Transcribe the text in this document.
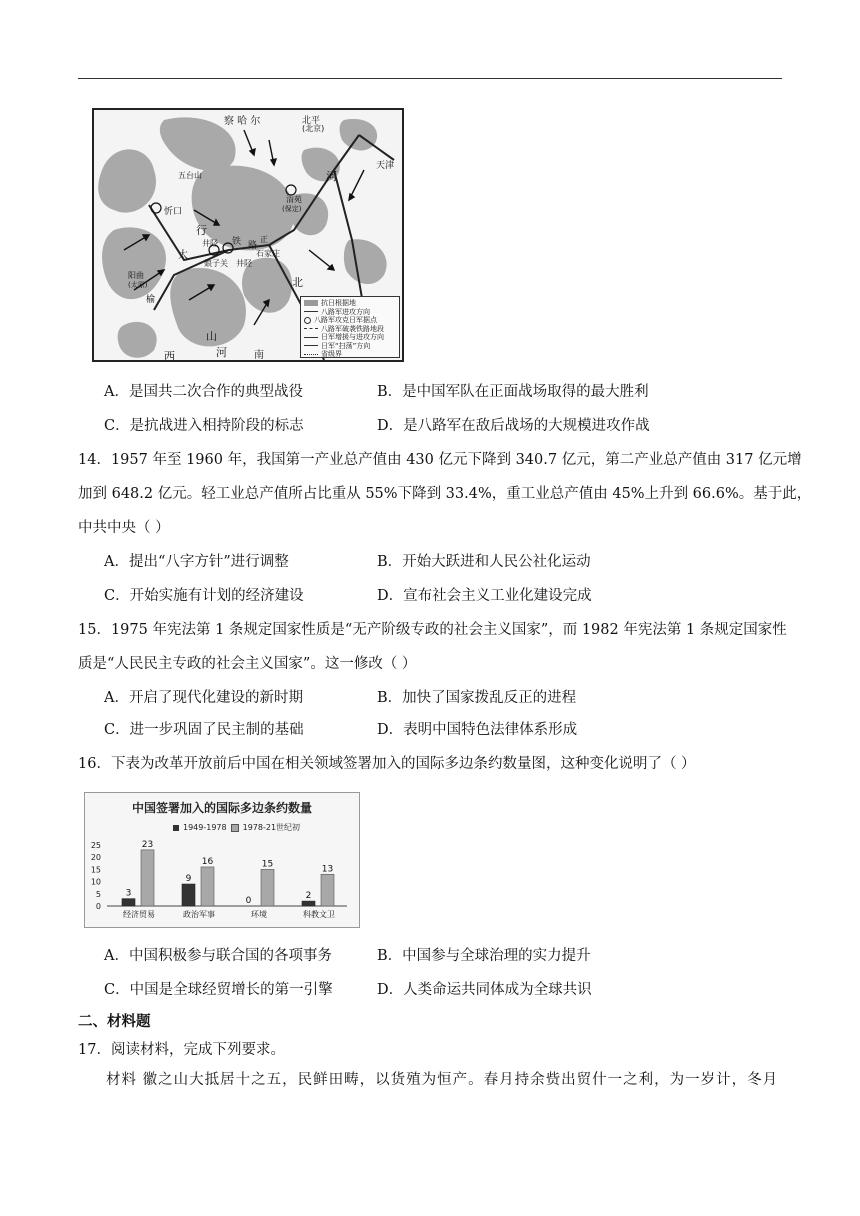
察 哈 尔	北平
(北京)
天津
五台山
忻口
清苑
(保定)
井陉
娘子关 井陉
石家庄
阳曲
(太原)
山
西
河
北
河
行
太
南
正
榆
铁 路
抗日根据地
八路军进攻方向
八路军攻克日军据点
八路军破袭铁路地段
日军增援与进攻方向
日军“扫荡”方向
省级界
A．是国共二次合作的典型战役	B．是中国军队在正面战场取得的最大胜利
C．是抗战进入相持阶段的标志	D．是八路军在敌后战场的大规模进攻作战
14．1957 年至 1960 年，我国第一产业总产值由 430 亿元下降到 340.7 亿元，第二产业总产值由 317 亿元增
加到 648.2 亿元。轻工业总产值所占比重从 55%下降到 33.4%，重工业总产值由 45%上升到 66.6%。基于此，
中共中央（ ）
A．提出“八字方针”进行调整	B．开始大跃进和人民公社化运动
C．开始实施有计划的经济建设	D．宣布社会主义工业化建设完成
15．1975 年宪法第 1 条规定国家性质是“无产阶级专政的社会主义国家”，而 1982 年宪法第 1 条规定国家性
质是“人民民主专政的社会主义国家”。这一修改（ ）
A．开启了现代化建设的新时期	B．加快了国家拨乱反正的进程
C．进一步巩固了民主制的基础	D．表明中国特色法律体系形成
16．下表为改革开放前后中国在相关领域签署加入的国际多边条约数量图，这种变化说明了（ ）
中国签署加入的国际多边条约数量
1949-1978 1978-21世纪初
0
5
10
15
20
25
3
23
经济贸易
9
16
政治军事
0
15
环境
2
13
科教文卫
A．中国积极参与联合国的各项事务	B．中国参与全球治理的实力提升
C．中国是全球经贸增长的第一引擎	D．人类命运共同体成为全球共识
二、材料题
17．阅读材料，完成下列要求。
材料 徽之山大抵居十之五，民鲜田畴，以货殖为恒产。春月持余赀出贸什一之利，为一岁计，冬月
